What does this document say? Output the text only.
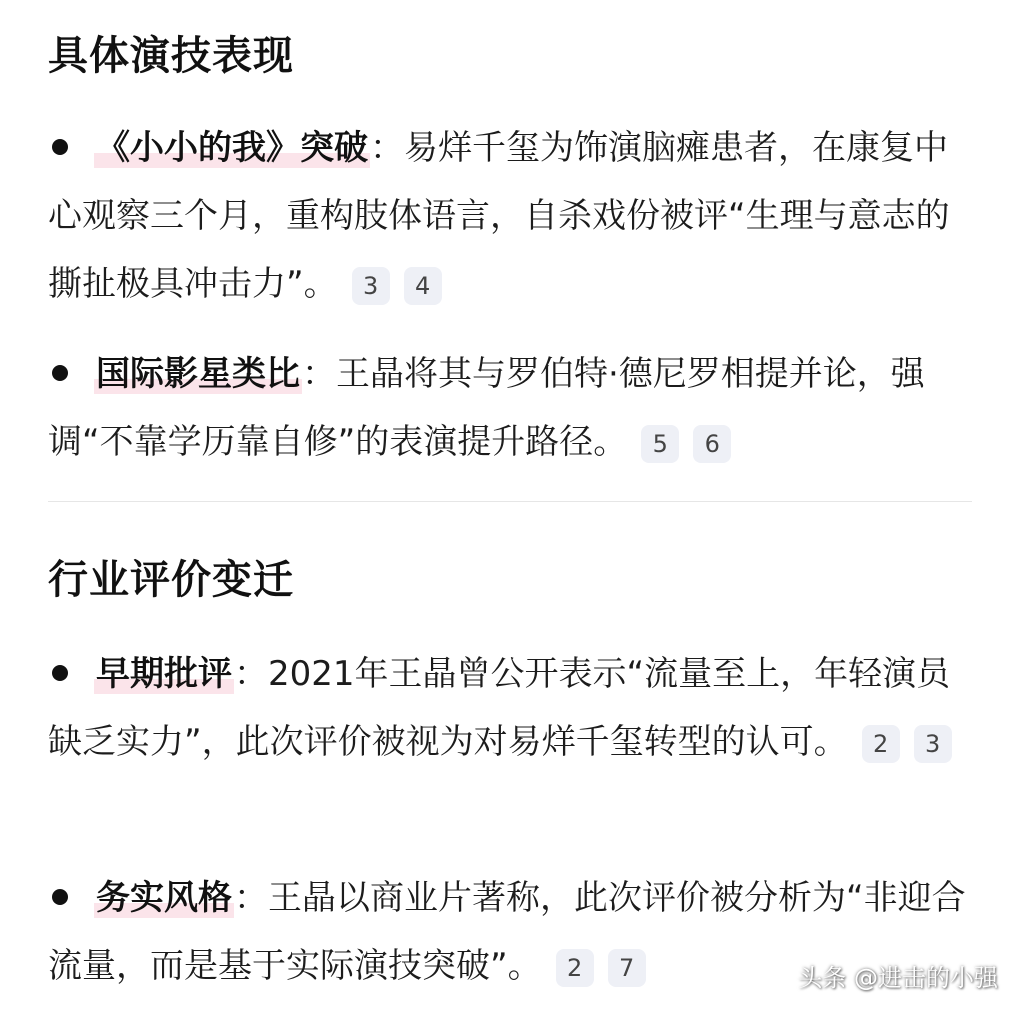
具体演技表现
《小小的我》突破：易烊千玺为饰演脑瘫患者，在康复中心观察三个月，重构肢体语言，自杀戏份被评“生理与意志的撕扯极具冲击力”。 3 4
国际影星类比：王晶将其与罗伯特·德尼罗相提并论，强调“不靠学历靠自修”的表演提升路径。 5 6
行业评价变迁
早期批评：2021年王晶曾公开表示“流量至上，年轻演员缺乏实力”，此次评价被视为对易烊千玺转型的认可。 2 3
务实风格：王晶以商业片著称，此次评价被分析为“非迎合流量，而是基于实际演技突破”。 2 7	头条 @进击的小强
